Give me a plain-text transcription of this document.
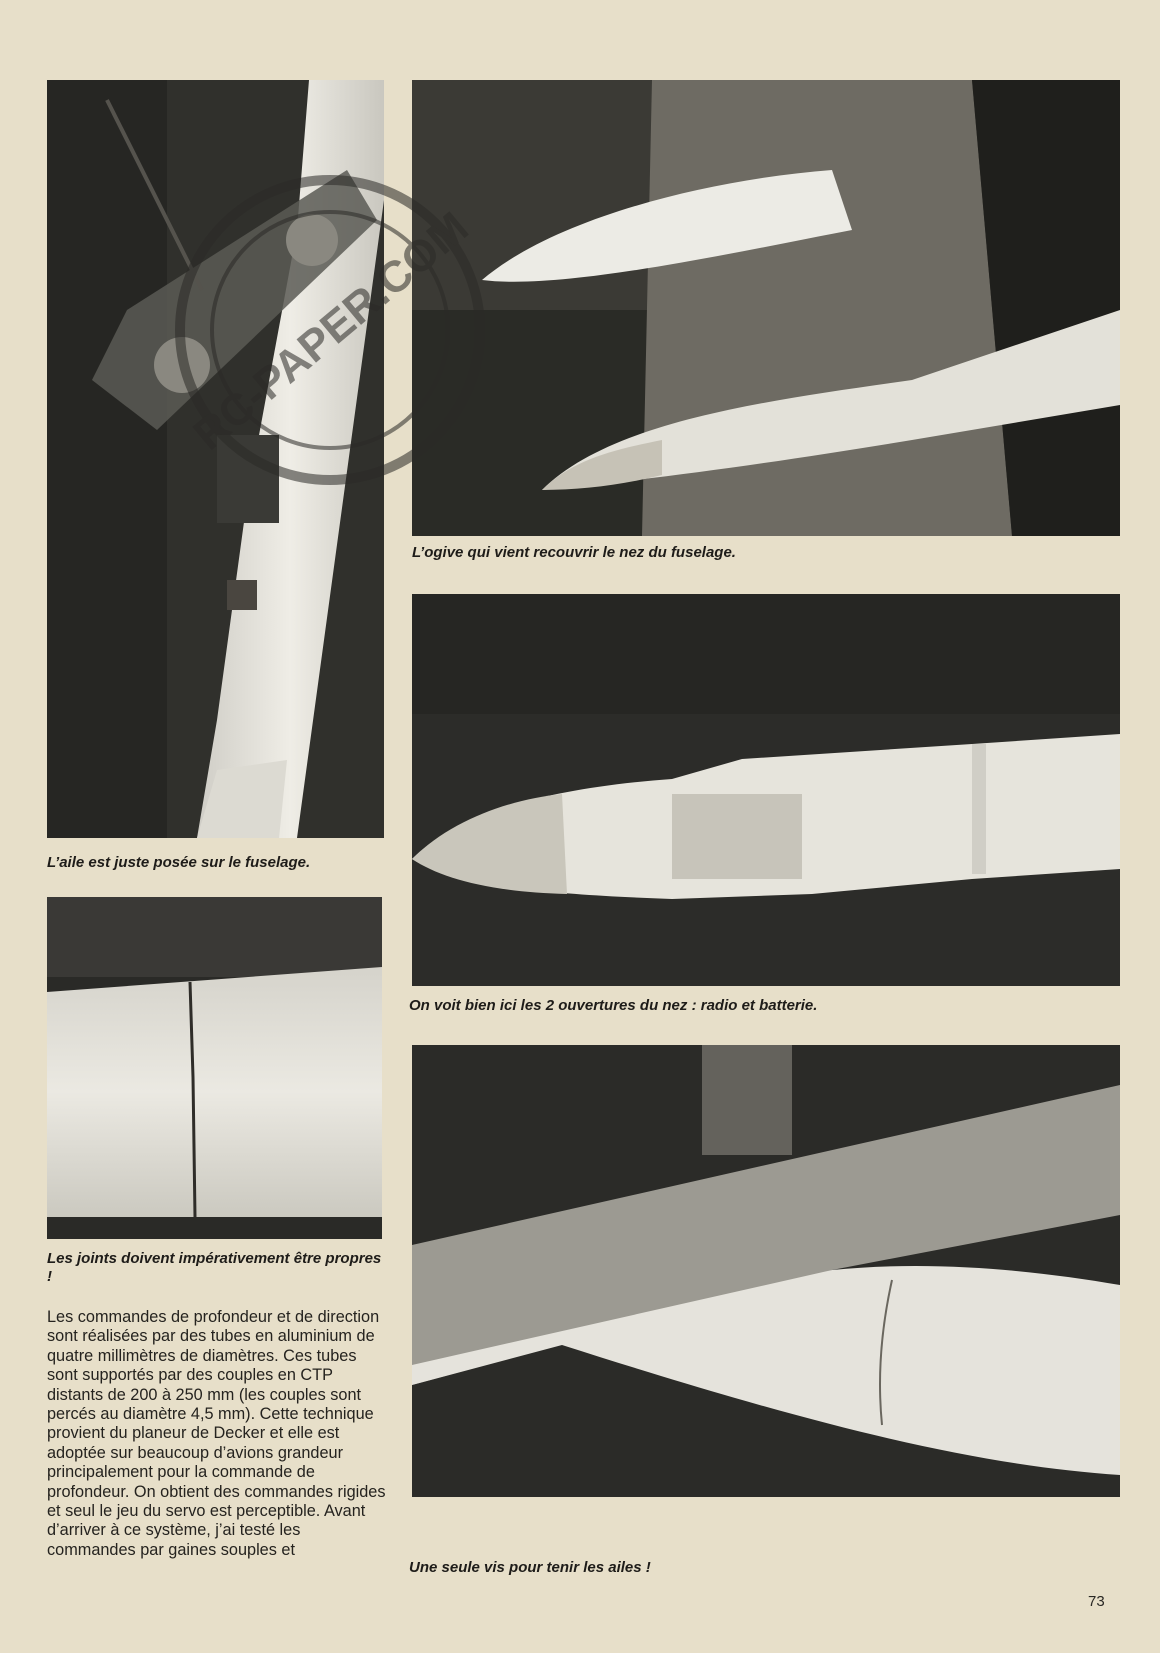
L’aile est juste posée sur le fuselage.
L’ogive qui vient recouvrir le nez du fuselage.
On voit bien ici les 2 ouvertures du nez : radio et batterie.
Les joints doivent impérativement être propres !
Une seule vis pour tenir les ailes !
Les commandes de profondeur et de direction sont réalisées par des tubes en aluminium de quatre millimètres de diamètres. Ces tubes sont supportés par des couples en CTP distants de 200 à 250 mm (les couples sont percés au diamètre 4,5 mm). Cette technique provient du planeur de Decker et elle est adoptée sur beaucoup d’avions grandeur principalement pour la commande de profondeur. On obtient des commandes rigides et seul le jeu du servo est perceptible. Avant d’arriver à ce système, j’ai testé les commandes par gaines souples et
RC-PAPER.COM
73
